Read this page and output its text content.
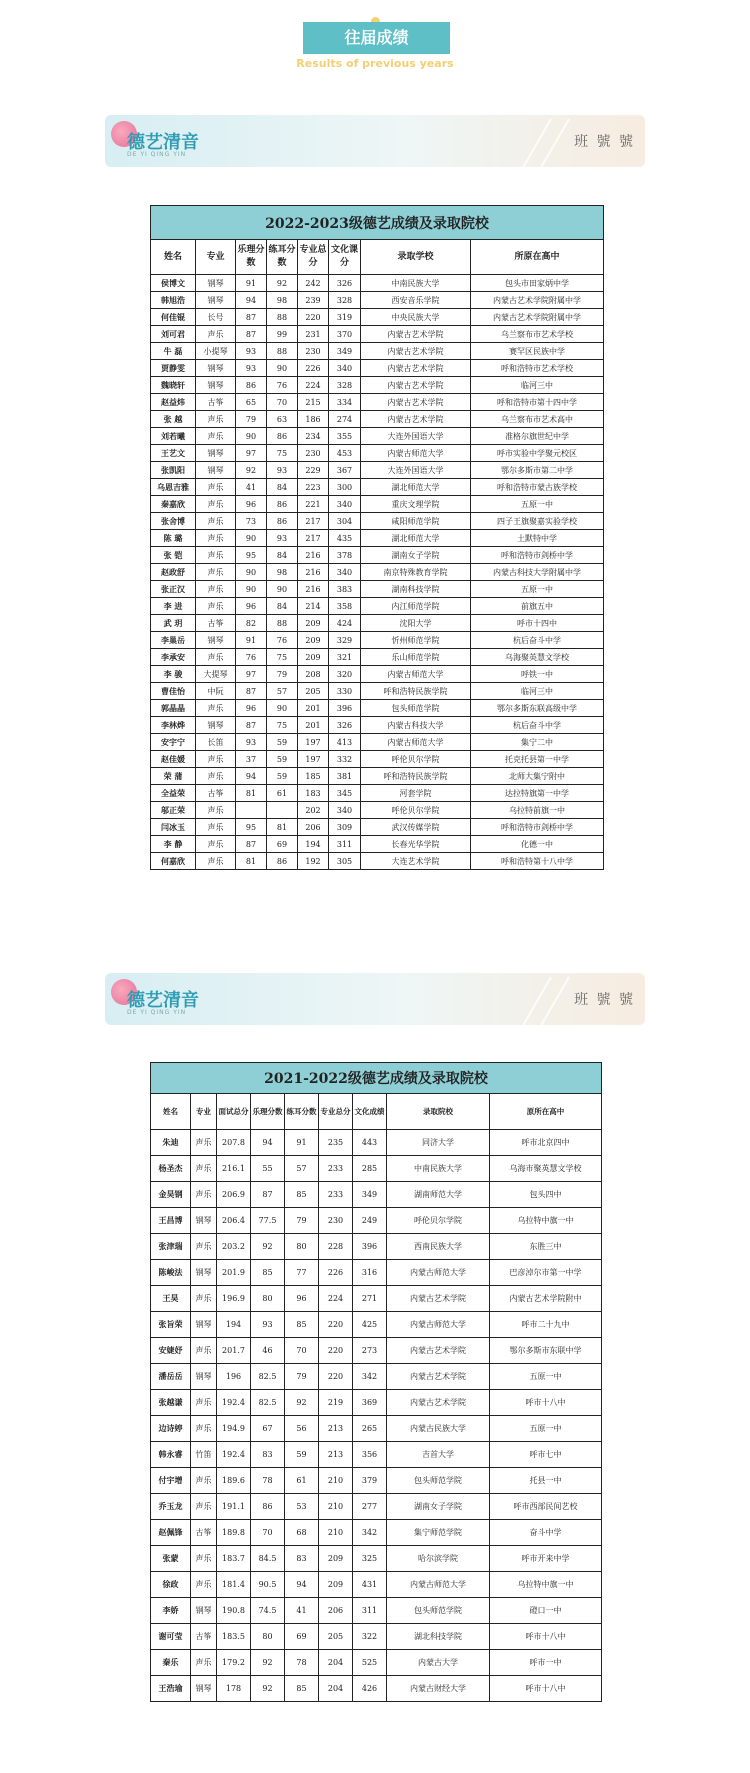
往届成绩
Results of previous years
德艺清音
DE YI QING YIN
班 號 號
2022-2023级德艺成绩及录取院校							
姓名	专业	乐理分数	练耳分数	专业总分	文化课分	录取学校	所原在高中
侯博文	钢琴	91	92	242	326	中南民族大学	包头市田家炳中学
韩旭浩	钢琴	94	98	239	328	西安音乐学院	内蒙古艺术学院附属中学
何佳锟	长号	87	88	220	319	中央民族大学	内蒙古艺术学院附属中学
刘可君	声乐	87	99	231	370	内蒙古艺术学院	乌兰察布市艺术学校
牛 磊	小提琴	93	88	230	349	内蒙古艺术学院	赛罕区民族中学
贾静雯	钢琴	93	90	226	340	内蒙古艺术学院	呼和浩特市艺术学校
魏晓轩	钢琴	86	76	224	328	内蒙古艺术学院	临河三中
赵益炜	古筝	65	70	215	334	内蒙古艺术学院	呼和浩特市第十四中学
张 越	声乐	79	63	186	274	内蒙古艺术学院	乌兰察布市艺术高中
刘若曦	声乐	90	86	234	355	大连外国语大学	准格尔旗世纪中学
王艺文	钢琴	97	75	230	453	内蒙古师范大学	呼市实验中学聚元校区
张凯阳	钢琴	92	93	229	367	大连外国语大学	鄂尔多斯市第二中学
乌恩吉雅	声乐	41	84	223	300	湖北师范大学	呼和浩特市蒙古族学校
秦嘉欣	声乐	96	86	221	340	重庆文理学院	五原一中
张舍博	声乐	73	86	217	304	咸阳师范学院	四子王旗聚嘉实验学校
陈 璐	声乐	90	93	217	435	湖北师范大学	土默特中学
张 铠	声乐	95	84	216	378	湖南女子学院	呼和浩特市剑桥中学
赵政舒	声乐	90	98	216	340	南京特殊教育学院	内蒙古科技大学附属中学
张正汉	声乐	90	90	216	383	湖南科技学院	五原一中
李 进	声乐	96	84	214	358	内江师范学院	前旗五中
武 玥	古筝	82	88	209	424	沈阳大学	呼市十四中
李巢岳	钢琴	91	76	209	329	忻州师范学院	杭后奋斗中学
李承安	声乐	76	75	209	321	乐山师范学院	乌海聚英慧文学校
李 骏	大提琴	97	79	208	320	内蒙古师范大学	呼铁一中
曹佳怡	中阮	87	57	205	330	呼和浩特民族学院	临河三中
郭晶晶	声乐	96	90	201	396	包头师范学院	鄂尔多斯东联高级中学
李林烨	钢琴	87	75	201	326	内蒙古科技大学	杭后奋斗中学
安宇宁	长笛	93	59	197	413	内蒙古师范大学	集宁二中
赵佳媛	声乐	37	59	197	332	呼伦贝尔学院	托克托县第一中学
荣 蒲	声乐	94	59	185	381	呼和浩特民族学院	北师大集宁附中
全益荣	古筝	81	61	183	345	河套学院	达拉特旗第一中学
邬正荣	声乐			202	340	呼伦贝尔学院	乌拉特前旗一中
闫冰玉	声乐	95	81	206	309	武汉传媒学院	呼和浩特市剑桥中学
李 静	声乐	87	69	194	311	长春光华学院	化德一中
何嘉欣	声乐	81	86	192	305	大连艺术学院	呼和浩特第十八中学
德艺清音
DE YI QING YIN
班 號 號
2021-2022级德艺成绩及录取院校								
姓名	专业	面试总分	乐理分数	练耳分数	专业总分	文化成绩	录取院校	原所在高中
朱迪	声乐	207.8	94	91	235	443	同济大学	呼市北京四中
杨圣杰	声乐	216.1	55	57	233	285	中南民族大学	乌海市聚英慧文学校
金昊钢	声乐	206.9	87	85	233	349	湖南师范大学	包头四中
王昌博	钢琴	206.4	77.5	79	230	249	呼伦贝尔学院	乌拉特中旗一中
张津瑞	声乐	203.2	92	80	228	396	西南民族大学	东胜三中
陈峻法	钢琴	201.9	85	77	226	316	内蒙古师范大学	巴彦淖尔市第一中学
王昊	声乐	196.9	80	96	224	271	内蒙古艺术学院	内蒙古艺术学院附中
张旨荣	钢琴	194	93	85	220	425	内蒙古师范大学	呼市二十九中
安婕妤	声乐	201.7	46	70	220	273	内蒙古艺术学院	鄂尔多斯市东联中学
潘岳岳	钢琴	196	82.5	79	220	342	内蒙古艺术学院	五原一中
张越谦	声乐	192.4	82.5	92	219	369	内蒙古艺术学院	呼市十八中
边诗婷	声乐	194.9	67	56	213	265	内蒙古民族大学	五原一中
韩永睿	竹笛	192.4	83	59	213	356	吉首大学	呼市七中
付宇增	声乐	189.6	78	61	210	379	包头师范学院	托县一中
乔玉龙	声乐	191.1	86	53	210	277	湖南女子学院	呼市西部民间艺校
赵佩锋	古筝	189.8	70	68	210	342	集宁师范学院	奋斗中学
张蒙	声乐	183.7	84.5	83	209	325	哈尔滨学院	呼市开来中学
徐政	声乐	181.4	90.5	94	209	431	内蒙古师范大学	乌拉特中旗一中
李娇	钢琴	190.8	74.5	41	206	311	包头师范学院	磴口一中
谢可莹	古筝	183.5	80	69	205	322	湖北科技学院	呼市十八中
秦乐	声乐	179.2	92	78	204	525	内蒙古大学	呼市一中
王浩瑜	钢琴	178	92	85	204	426	内蒙古财经大学	呼市十八中
